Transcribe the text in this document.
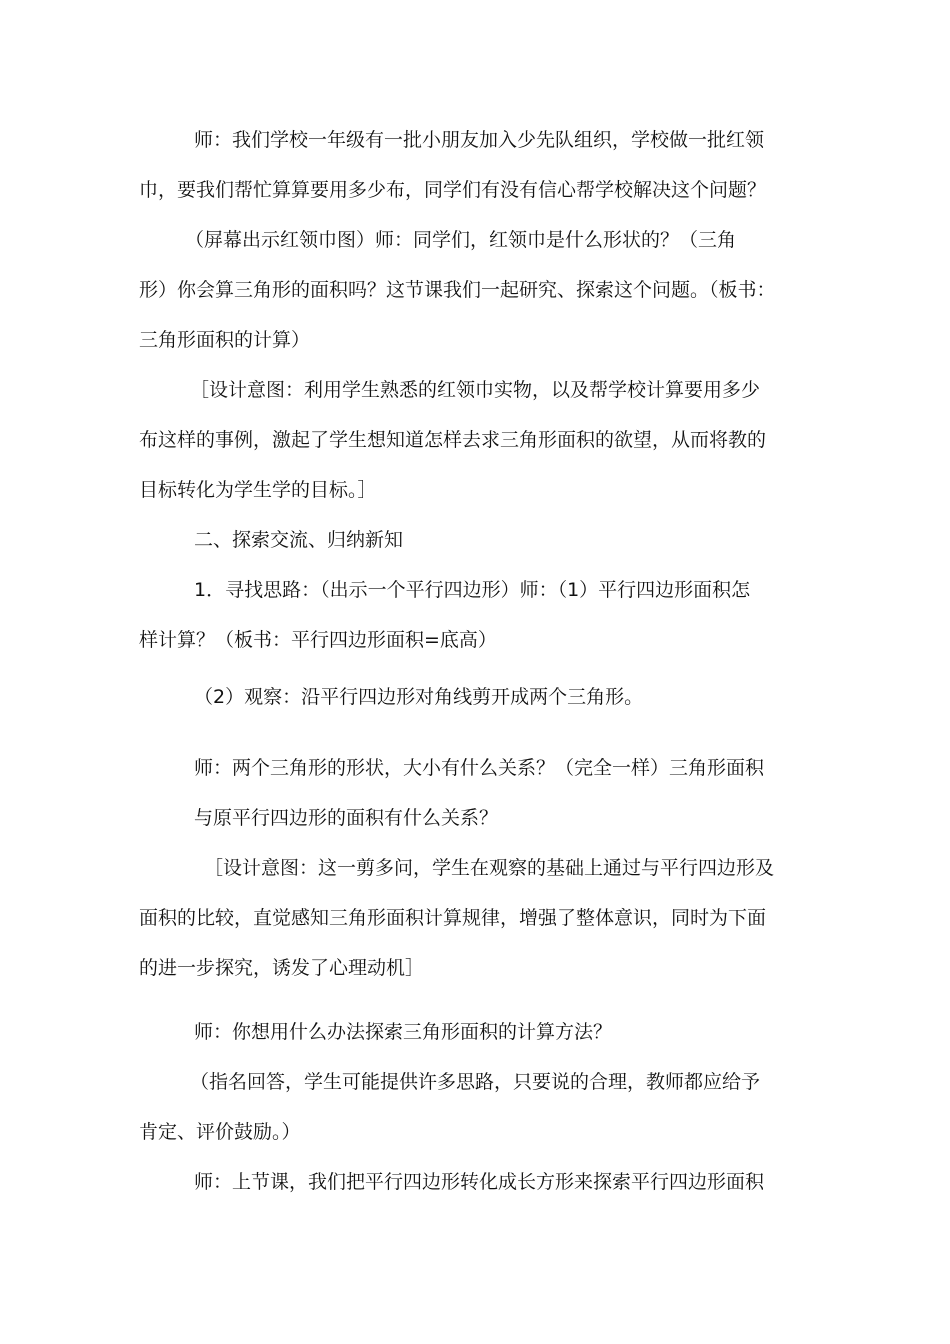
师：我们学校一年级有一批小朋友加入少先队组织，学校做一批红领

巾，要我们帮忙算算要用多少布，同学们有没有信心帮学校解决这个问题？

（屏幕出示红领巾图）师：同学们，红领巾是什么形状的？（三角

形）你会算三角形的面积吗？这节课我们一起研究、探索这个问题。（板书：

三角形面积的计算）

［设计意图：利用学生熟悉的红领巾实物，以及帮学校计算要用多少

布这样的事例，激起了学生想知道怎样去求三角形面积的欲望，从而将教的

目标转化为学生学的目标。］

二、探索交流、归纳新知

1．寻找思路：（出示一个平行四边形）师：（1）平行四边形面积怎

样计算？（板书：平行四边形面积=底高）

（2）观察：沿平行四边形对角线剪开成两个三角形。

师：两个三角形的形状，大小有什么关系？（完全一样）三角形面积

与原平行四边形的面积有什么关系？

［设计意图：这一剪多问，学生在观察的基础上通过与平行四边形及

面积的比较，直觉感知三角形面积计算规律，增强了整体意识，同时为下面

的进一步探究，诱发了心理动机］

师：你想用什么办法探索三角形面积的计算方法？

（指名回答，学生可能提供许多思路，只要说的合理，教师都应给予

肯定、评价鼓励。）

师：上节课，我们把平行四边形转化成长方形来探索平行四边形面积
